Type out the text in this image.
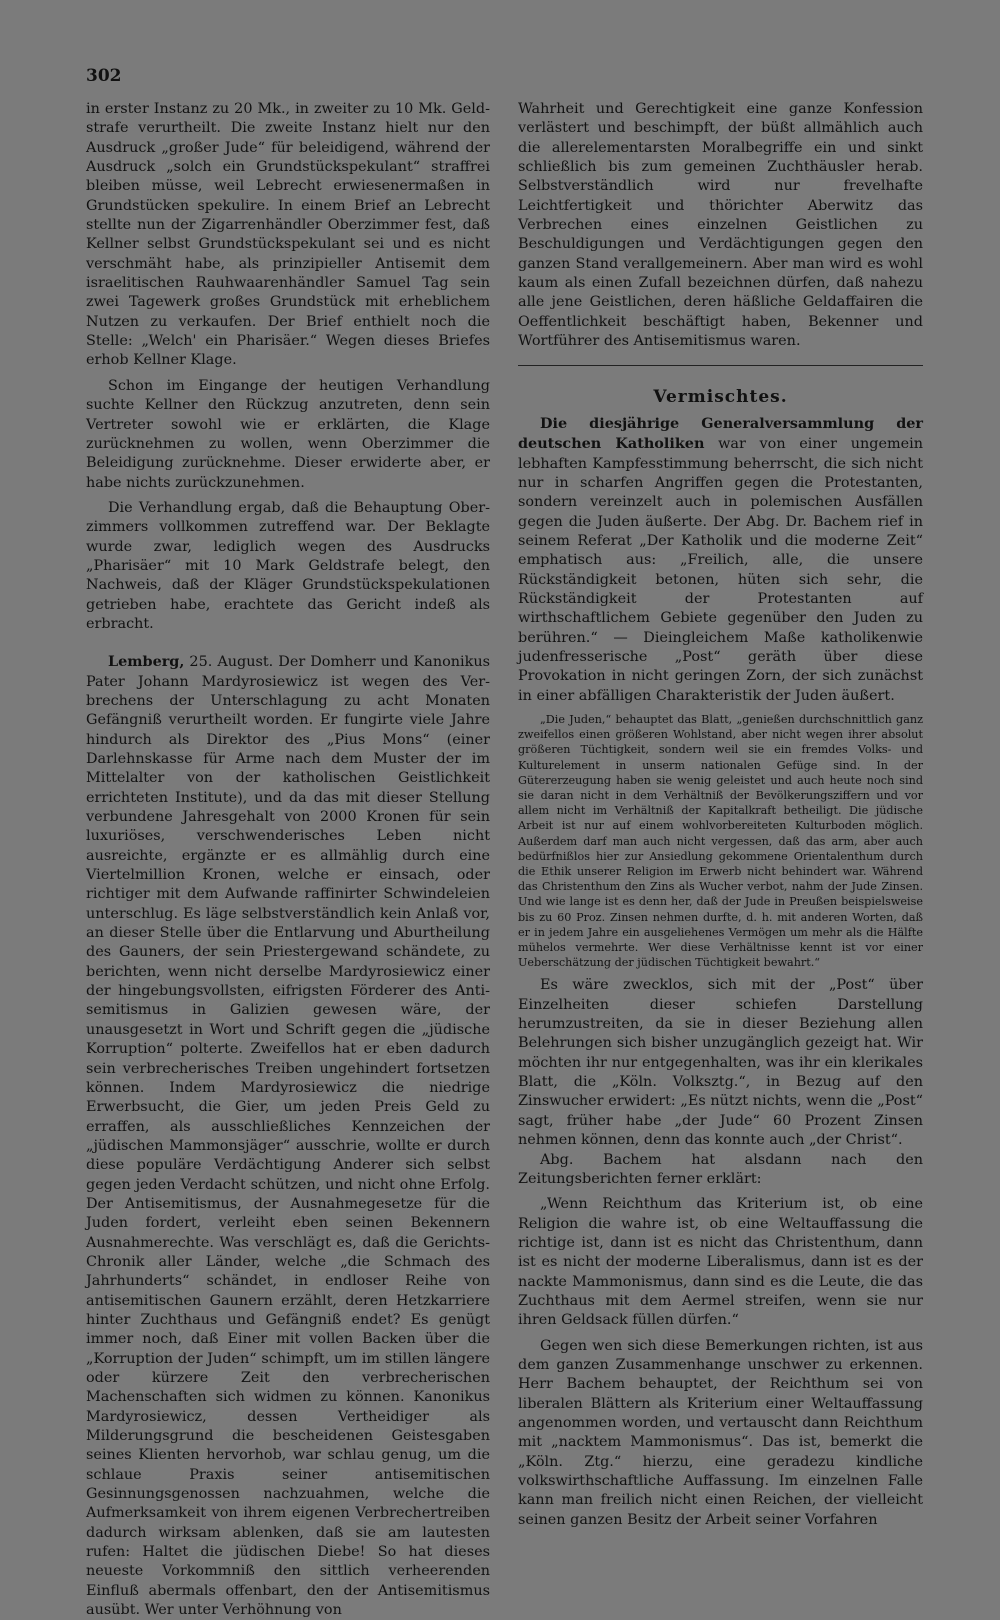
302

in erster Instanz zu 20 Mk., in zweiter zu 10 Mk. Geldstrafe verurtheilt. Die zweite Instanz hielt nur den Ausdruck „großer Jude“ für beleidigend, während der Ausdruck „solch ein Grundstückspekulant“ straffrei bleiben müsse, weil Lebrecht erwiesenermaßen in Grundstücken spekulire. In einem Brief an Lebrecht stellte nun der Zigarrenhändler Oberzimmer fest, daß Kellner selbst Grundstückspekulant sei und es nicht verschmäht habe, als prinzipieller Antisemit dem israelitischen Rauhwaarenhändler Samuel Tag sein zwei Tagewerk großes Grundstück mit erheblichem Nutzen zu verkaufen. Der Brief enthielt noch die Stelle: „Welch' ein Pharisäer.“ Wegen dieses Briefes erhob Kellner Klage.

Schon im Eingange der heutigen Verhandlung suchte Kellner den Rückzug anzutreten, denn sein Vertreter sowohl wie er erklärten, die Klage zurücknehmen zu wollen, wenn Oberzimmer die Beleidigung zurücknehme. Dieser erwiderte aber, er habe nichts zurückzunehmen.

Die Verhandlung ergab, daß die Behauptung Oberzimmers vollkommen zutreffend war. Der Beklagte wurde zwar, lediglich wegen des Ausdrucks „Pharisäer“ mit 10 Mark Geldstrafe belegt, den Nachweis, daß der Kläger Grundstückspekulationen getrieben habe, erachtete das Gericht indeß als erbracht.

Lemberg, 25. August. Der Domherr und Kanonikus Pater Johann Mardyrosiewicz ist wegen des Verbrechens der Unterschlagung zu acht Monaten Gefängniß verurtheilt worden. Er fungirte viele Jahre hindurch als Direktor des „Pius Mons“ (einer Darlehnskasse für Arme nach dem Muster der im Mittelalter von der katholischen Geistlichkeit errichteten Institute), und da das mit dieser Stellung verbundene Jahresgehalt von 2000 Kronen für sein luxuriöses, verschwenderisches Leben nicht ausreichte, ergänzte er es allmählig durch eine Viertelmillion Kronen, welche er einsach, oder richtiger mit dem Aufwande raffinirter Schwindeleien unterschlug. Es läge selbstverständlich kein Anlaß vor, an dieser Stelle über die Entlarvung und Aburtheilung des Gauners, der sein Priestergewand schändete, zu berichten, wenn nicht derselbe Mardyrosiewicz einer der hingebungsvollsten, eifrigsten Förderer des Antisemitismus in Galizien gewesen wäre, der unausgesetzt in Wort und Schrift gegen die „jüdische Korruption“ polterte. Zweifellos hat er eben dadurch sein verbrecherisches Treiben ungehindert fortsetzen können. Indem Mardyrosiewicz die niedrige Erwerbsucht, die Gier, um jeden Preis Geld zu erraffen, als ausschließliches Kennzeichen der „jüdischen Mammonsjäger“ ausschrie, wollte er durch diese populäre Verdächtigung Anderer sich selbst gegen jeden Verdacht schützen, und nicht ohne Erfolg. Der Antisemitismus, der Ausnahmegesetze für die Juden fordert, verleiht eben seinen Bekennern Ausnahmerechte. Was verschlägt es, daß die Gerichts-Chronik aller Länder, welche „die Schmach des Jahrhunderts“ schändet, in endloser Reihe von antisemitischen Gaunern erzählt, deren Hetzkarriere hinter Zuchthaus und Gefängniß endet? Es genügt immer noch, daß Einer mit vollen Backen über die „Korruption der Juden“ schimpft, um im stillen längere oder kürzere Zeit den verbrecherischen Machenschaften sich widmen zu können. Kanonikus Mardyrosiewicz, dessen Vertheidiger als Milderungsgrund die bescheidenen Geistesgaben seines Klienten hervorhob, war schlau genug, um die schlaue Praxis seiner antisemitischen Gesinnungsgenossen nachzuahmen, welche die Aufmerksamkeit von ihrem eigenen Verbrechertreiben dadurch wirksam ablenken, daß sie am lautesten rufen: Haltet die jüdischen Diebe! So hat dieses neueste Vorkommniß den sittlich verheerenden Einfluß abermals offenbart, den der Antisemitismus ausübt. Wer unter Verhöhnung von

Wahrheit und Gerechtigkeit eine ganze Konfession verlästert und beschimpft, der büßt allmählich auch die allerelementarsten Moralbegriffe ein und sinkt schließlich bis zum gemeinen Zuchthäusler herab. Selbstverständlich wird nur frevelhafte Leichtfertigkeit und thörichter Aberwitz das Verbrechen eines einzelnen Geistlichen zu Beschuldigungen und Verdächtigungen gegen den ganzen Stand verallgemeinern. Aber man wird es wohl kaum als einen Zufall bezeichnen dürfen, daß nahezu alle jene Geistlichen, deren häßliche Geldaffairen die Oeffentlichkeit beschäftigt haben, Bekenner und Wortführer des Antisemitismus waren.

Vermischtes.

Die diesjährige Generalversammlung der deutschen Katholiken war von einer ungemein lebhaften Kampfesstimmung beherrscht, die sich nicht nur in scharfen Angriffen gegen die Protestanten, sondern vereinzelt auch in polemischen Ausfällen gegen die Juden äußerte. Der Abg. Dr. Bachem rief in seinem Referat „Der Katholik und die moderne Zeit“ emphatisch aus: „Freilich, alle, die unsere Rückständigkeit betonen, hüten sich sehr, die Rückständigkeit der Protestanten auf wirthschaftlichem Gebiete gegenüber den Juden zu berühren.“ — Dieingleichem Maße katholikenwie judenfresserische „Post“ geräth über diese Provokation in nicht geringen Zorn, der sich zunächst in einer abfälligen Charakteristik der Juden äußert.

„Die Juden,“ behauptet das Blatt, „genießen durchschnittlich ganz zweifellos einen größeren Wohlstand, aber nicht wegen ihrer absolut größeren Tüchtigkeit, sondern weil sie ein fremdes Volks- und Kulturelement in unserm nationalen Gefüge sind. In der Gütererzeugung haben sie wenig geleistet und auch heute noch sind sie daran nicht in dem Verhältniß der Bevölkerungsziffern und vor allem nicht im Verhältniß der Kapitalkraft betheiligt. Die jüdische Arbeit ist nur auf einem wohlvorbereiteten Kulturboden möglich. Außerdem darf man auch nicht vergessen, daß das arm, aber auch bedürfnißlos hier zur Ansiedlung gekommene Orientalenthum durch die Ethik unserer Religion im Erwerb nicht behindert war. Während das Christenthum den Zins als Wucher verbot, nahm der Jude Zinsen. Und wie lange ist es denn her, daß der Jude in Preußen beispielsweise bis zu 60 Proz. Zinsen nehmen durfte, d. h. mit anderen Worten, daß er in jedem Jahre ein ausgeliehenes Vermögen um mehr als die Hälfte mühelos vermehrte. Wer diese Verhältnisse kennt ist vor einer Ueberschätzung der jüdischen Tüchtigkeit bewahrt.“

Es wäre zwecklos, sich mit der „Post“ über Einzelheiten dieser schiefen Darstellung herumzustreiten, da sie in dieser Beziehung allen Belehrungen sich bisher unzugänglich gezeigt hat. Wir möchten ihr nur entgegenhalten, was ihr ein klerikales Blatt, die „Köln. Volksztg.“, in Bezug auf den Zinswucher erwidert: „Es nützt nichts, wenn die „Post“ sagt, früher habe „der Jude“ 60 Prozent Zinsen nehmen können, denn das konnte auch „der Christ“.

Abg. Bachem hat alsdann nach den Zeitungsberichten ferner erklärt:

„Wenn Reichthum das Kriterium ist, ob eine Religion die wahre ist, ob eine Weltauffassung die richtige ist, dann ist es nicht das Christenthum, dann ist es nicht der moderne Liberalismus, dann ist es der nackte Mammonismus, dann sind es die Leute, die das Zuchthaus mit dem Aermel streifen, wenn sie nur ihren Geldsack füllen dürfen.“

Gegen wen sich diese Bemerkungen richten, ist aus dem ganzen Zusammenhange unschwer zu erkennen. Herr Bachem behauptet, der Reichthum sei von liberalen Blättern als Kriterium einer Weltauffassung angenommen worden, und vertauscht dann Reichthum mit „nacktem Mammonismus“. Das ist, bemerkt die „Köln. Ztg.“ hierzu, eine geradezu kindliche volkswirthschaftliche Auffassung. Im einzelnen Falle kann man freilich nicht einen Reichen, der vielleicht seinen ganzen Besitz der Arbeit seiner Vorfahren
